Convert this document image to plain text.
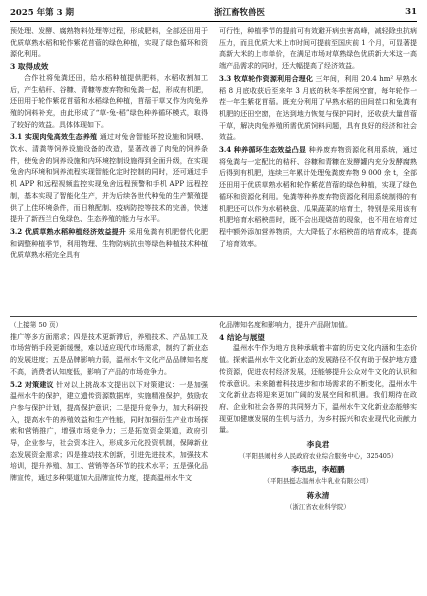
2025 年第 3 期	浙江畜牧兽医	31

预处理、发酵、腐熟物料处理等过程，形成肥料，全部还田用于优质草熟水稻和轮作紫花苜蓿的绿色种植，实现了绿色循环和资源化利用。

3 取得成效

合作社将兔粪还田，给水稻种植提供肥料，水稻收割加工后，产生秸秆、谷糠、青糠等废弃物和兔粪一起，形成有机肥，还田用于轮作紫花苜蓿和水稻绿色种植，苜蓿干草又作为肉兔养殖的饲料补充，由此形成了“草-兔-稻”绿色种养循环模式，取得了较好的效益。具体体现如下。

3.1 实现肉兔高效生态养殖 通过对兔舍智能环控设施和饲喂、饮水、清粪等饲养设施设备的改造，显著改善了肉兔的饲养条件，使兔舍的饲养设施和内环境控制设施得到全面升级，在实现兔舍内环境和饲养流程实现智能化定时控制的同时，还可通过手机 APP 和远程视频监控实现兔舍远程预警和手机 APP 远程控制，基本实现了智能化生产，并为后续各世代种兔的生产繁殖提供了上佳环境条件，而日粮配制、疫病防控等技术的完善，快速提升了新西兰白兔绿色、生态养殖的能力与水平。

3.2 优质草熟水稻种植经济效益提升 采用兔粪有机肥替代化肥和调整种植季节，利用物理、生物防病抗虫等绿色种植技术种植优质草熟水稻完全具有

可行性，种植季节的提前可有效避开病虫害高峰，减轻除虫抗病压力，而且优质大米上市时间可提前至国庆前 1 个月，可显著提高新大米的上市单价，在满足市场对草熟绿色优质新大米这一高端产品需求的同时，还大幅提高了经济效益。

3.3 牧草轮作资源利用合理化 三年间，利用 20.4 hm² 早熟水稻 8 月底收获后至来年 3 月底的秋冬季茬闲空窗，每年轮作一茬一年生紫花苜蓿。既充分利用了早熟水稻的田间茬口和兔粪有机肥的还田空窗，在达到地力恢复与保护同时，还收获大量苜蓿干草，解决肉兔养殖所需优质饲料问题，具有良好的经济和社会效益。

3.4 种养循环生态效益凸显 种养废弃物资源化利用系统，通过将兔粪与一定配比的秸秆、谷糠和青糠在发酵罐内充分发酵腐熟后得到有机肥，连续三年累计处理兔粪废弃物 9 000 余 t，全部还田用于优质草熟水稻和轮作紫花苜蓿的绿色种植，实现了绿色循环和资源化利用。兔粪等种养废弃物资源化利用系统制得的有机肥还可以作为水稻秧盘、瓜果蔬菜的培育土，特别是采用该有机肥培育水稻秧苗时，既不会出现烧苗的现象，也不用在培育过程中额外添加营养物质，大大降低了水稻秧苗的培育成本，提高了培育效率。

（上接第 50 页）

推广等多方面需求；四是技术更新滞后，养殖技术、产品加工及市场营销手段更新缓慢，难以适应现代市场需求，制约了新业态的发展进度；五是品牌影响力弱，温州水牛文化产品品牌知名度不高，消费者认知度低，影响了产品的市场竞争力。

5.2 对策建议 针对以上挑战本文提出以下对策建议：一是加强温州水牛的保护，建立遗传资源数据库，实施精准保护，鼓励农户参与保护计划，提高保护意识；二是提升竞争力，加大科研投入，提高水牛的养殖效益和生产性能，同时加强衍生产业市场探索和营销推广，增强市场竞争力；三是拓宽资金渠道，政府引导，企业参与，社会资本注入，形成多元化投资机制，保障新业态发展资金需求；四是推动技术创新，引进先进技术，加强技术培训，提升养殖、加工、营销等各环节的技术水平；五是强化品牌宣传，通过多种渠道加大品牌宣传力度，提高温州水牛文

化品牌知名度和影响力，提升产品附加值。

4 结论与展望

温州水牛作为地方良种承载着丰富的历史文化内涵和生态价值。探索温州水牛文化新业态的发展路径不仅有助于保护地方遗传资源，促进农村经济发展，还能够提升公众对牛文化的认识和传承意识。未来随着科技进步和市场需求的不断变化，温州水牛文化新业态将迎来更加广阔的发展空间和机遇。我们期待在政府、企业和社会各界的共同努力下，温州水牛文化新业态能够实现更加健康发展的生机与活力，为乡村振兴和农业现代化贡献力量。

李良君
（平阳县闹村乡人民政府农业综合服务中心，325405）
李迅忠，李超鹏
（平阳县挺志温州水牛乳业有限公司）
蒋永清
（浙江省农业科学院）
